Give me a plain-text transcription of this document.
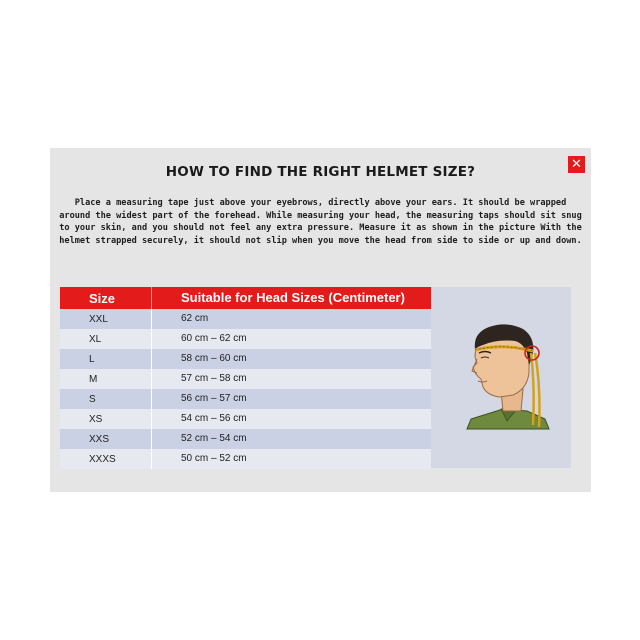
✕
HOW TO FIND THE RIGHT HELMET SIZE?
Place a measuring tape just above your eyebrows, directly above your ears. It should be wrapped around the widest part of the forehead. While measuring your head, the measuring taps should sit snug to your skin, and you should not feel any extra pressure. Measure it as shown in the picture With the helmet strapped securely, it should not slip when you move the head from side to side or up and down.
Size	Suitable for Head Sizes (Centimeter)
XXL	62 cm
XL	60 cm – 62 cm
L	58 cm – 60 cm
M	57 cm – 58 cm
S	56 cm – 57 cm
XS	54 cm – 56 cm
XXS	52 cm – 54 cm
XXXS	50 cm – 52 cm
